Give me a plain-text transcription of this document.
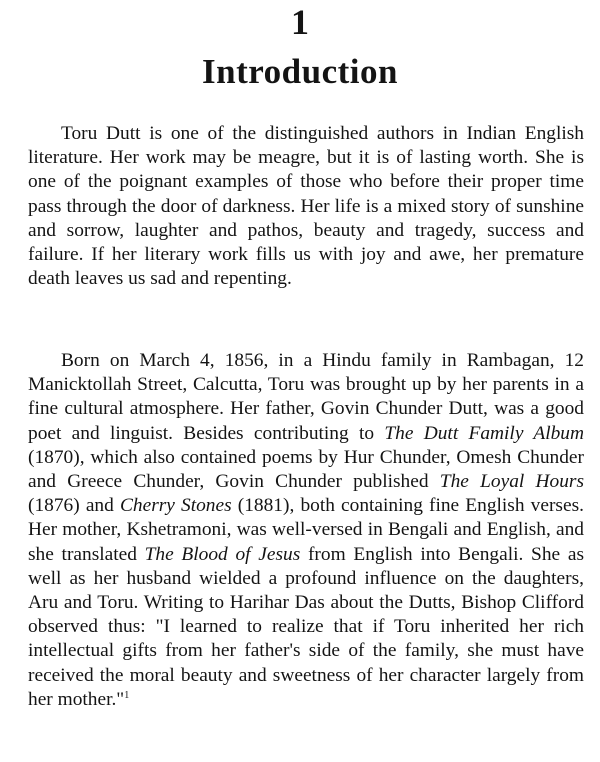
1
Introduction

Toru Dutt is one of the distinguished authors in Indian English literature. Her work may be meagre, but it is of lasting worth. She is one of the poignant examples of those who before their proper time pass through the door of darkness. Her life is a mixed story of sunshine and sorrow, laughter and pathos, beauty and tragedy, success and failure. If her literary work fills us with joy and awe, her premature death leaves us sad and repenting.

Born on March 4, 1856, in a Hindu family in Rambagan, 12 Manicktollah Street, Calcutta, Toru was brought up by her parents in a fine cultural atmosphere. Her father, Govin Chunder Dutt, was a good poet and linguist. Besides contributing to The Dutt Family Album (1870), which also contained poems by Hur Chunder, Omesh Chunder and Greece Chunder, Govin Chunder published The Loyal Hours (1876) and Cherry Stones (1881), both containing fine English verses. Her mother, Kshetramoni, was well-versed in Bengali and English, and she translated The Blood of Jesus from English into Bengali. She as well as her husband wielded a profound influence on the daughters, Aru and Toru. Writing to Harihar Das about the Dutts, Bishop Clifford observed thus: "I learned to realize that if Toru inherited her rich intellectual gifts from her father's side of the family, she must have received the moral beauty and sweetness of her character largely from her mother."$^1$
